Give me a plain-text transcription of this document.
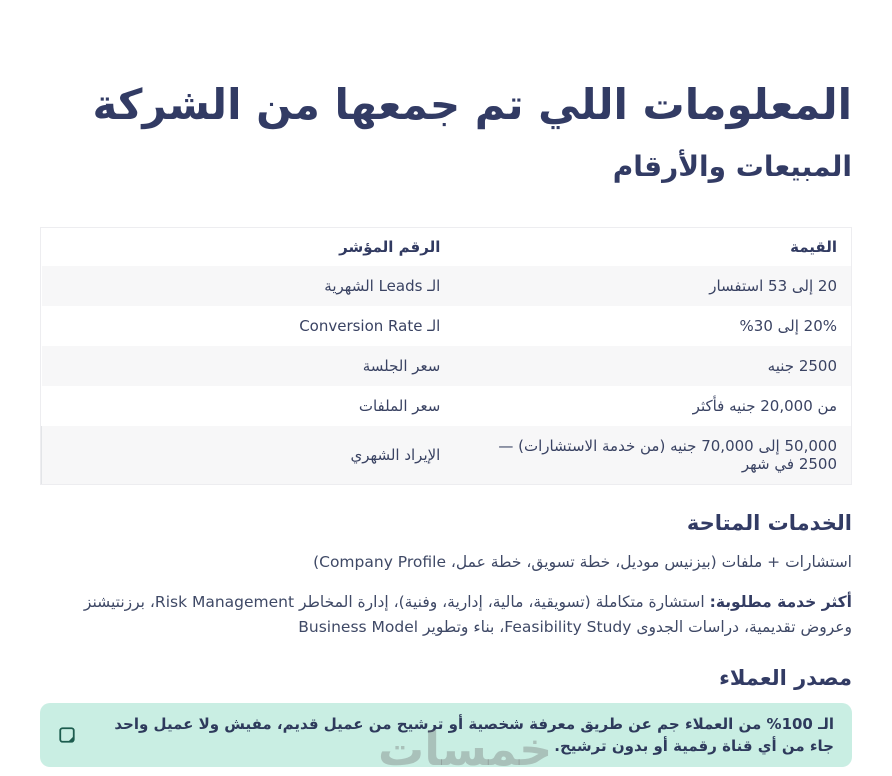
المعلومات اللي تم جمعها من الشركة
المبيعات والأرقام
القيمة	الرقم المؤشر
20 إلى 53 استفسار	الـ Leads الشهرية
20% إلى 30%	الـ Conversion Rate
2500 جنيه	سعر الجلسة
من 20,000 جنيه فأكثر	سعر الملفات
50,000 إلى 70,000 جنيه (من خدمة الاستشارات) — 2500 في شهر	الإيراد الشهري
الخدمات المتاحة

استشارات + ملفات (بيزنيس موديل، خطة تسويق، خطة عمل، Company Profile)

أكثر خدمة مطلوبة: استشارة متكاملة (تسويقية، مالية، إدارية، وفنية)، إدارة المخاطر Risk Management، برزنتيشنز وعروض تقديمية، دراسات الجدوى Feasibility Study، بناء وتطوير Business Model

مصدر العملاء
الـ 100% من العملاء جم عن طريق معرفة شخصية أو ترشيح من عميل قديم، مفيش ولا عميل واحد جاء من أي قناة رقمية أو بدون ترشيح.
خمسات
